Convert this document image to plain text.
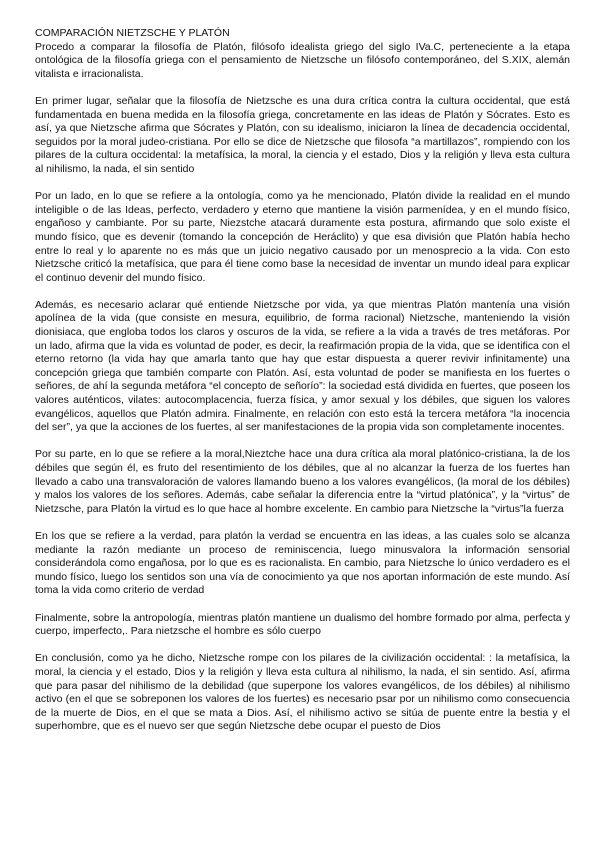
COMPARACIÓN NIETZSCHE Y PLATÓN

Procedo a comparar la filosofía de Platón, filósofo idealista griego del siglo IVa.C, perteneciente a la etapa ontológica de la filosofía griega con el pensamiento de Nietzsche un filósofo contemporáneo, del S.XIX, alemán vitalista e irracionalista.

En primer lugar, señalar que la filosofía de Nietzsche es una dura crítica contra la cultura occidental, que está fundamentada en buena medida en la filosofía griega, concretamente en las ideas de Platón y Sócrates. Esto es así, ya que Nietzsche afirma que Sócrates y Platón, con su idealismo, iniciaron la línea de decadencia occidental, seguidos por la moral judeo-cristiana. Por ello se dice de Nietzsche que filosofa “a martillazos”, rompiendo con los pilares de la cultura occidental: la metafísica, la moral, la ciencia y el estado, Dios y la religión y lleva esta cultura al nihilismo, la nada, el sin sentido

Por un lado, en lo que se refiere a la ontología, como ya he mencionado, Platón divide la realidad en el mundo inteligible o de las Ideas, perfecto, verdadero y eterno que mantiene la visión parmenídea, y en el mundo físico, engañoso y cambiante. Por su parte, Niezstche atacará duramente esta postura, afirmando que solo existe el mundo físico, que es devenir (tomando la concepción de Heráclito) y que esa división que Platón había hecho entre lo real y lo aparente no es más que un juicio negativo causado por un menosprecio a la vida. Con esto Nietzsche criticó la metafísica, que para él tiene como base la necesidad de inventar un mundo ideal para explicar el continuo devenir del mundo físico.

Además, es necesario aclarar qué entiende Nietzsche por vida, ya que mientras Platón mantenía una visión apolínea de la vida (que consiste en mesura, equilibrio, de forma racional) Nietzsche, manteniendo la visión dionisiaca, que engloba todos los claros y oscuros de la vida, se refiere a la vida a través de tres metáforas. Por un lado, afirma que la vida es voluntad de poder, es decir, la reafirmación propia de la vida, que se identifica con el eterno retorno (la vida hay que amarla tanto que hay que estar dispuesta a querer revivir infinitamente) una concepción griega que también comparte con Platón. Así, esta voluntad de poder se manifiesta en los fuertes o señores, de ahí la segunda metáfora “el concepto de señorío”: la sociedad está dividida en fuertes, que poseen los valores auténticos, vilates: autocomplacencia, fuerza física, y amor sexual y los débiles, que siguen los valores evangélicos, aquellos que Platón admira. Finalmente, en relación con esto está la tercera metáfora “la inocencia del ser”, ya que la acciones de los fuertes, al ser manifestaciones de la propia vida son completamente inocentes.

Por su parte, en lo que se refiere a la moral,Nieztche hace una dura crítica ala moral platónico-cristiana, la de los débiles que según él, es fruto del resentimiento de los débiles, que al no alcanzar la fuerza de los fuertes han llevado a cabo una transvaloración de valores llamando bueno a los valores evangélicos, (la moral de los débiles) y malos los valores de los señores. Además, cabe señalar la diferencia entre la “virtud platónica”, y la “virtus” de Nietzsche, para Platón la virtud es lo que hace al hombre excelente. En cambio para Nietzsche la “virtus”la fuerza

En los que se refiere a la verdad, para platón la verdad se encuentra en las ideas, a las cuales solo se alcanza mediante la razón mediante un proceso de reminiscencia, luego minusvalora la información sensorial considerándola como engañosa, por lo que es es racionalista. En cambio, para Nietzsche lo único verdadero es el mundo físico, luego los sentidos son una vía de conocimiento ya que nos aportan información de este mundo. Así toma la vida como criterio de verdad

Finalmente, sobre la antropología, mientras platón mantiene un dualismo del hombre formado por alma, perfecta y cuerpo, imperfecto,. Para nietzsche el hombre es sólo cuerpo

En conclusión, como ya he dicho, Nietzsche rompe con los pilares de la civilización occidental: : la metafísica, la moral, la ciencia y el estado, Dios y la religión y lleva esta cultura al nihilismo, la nada, el sin sentido. Así, afirma que para pasar del nihilismo de la debilidad (que superpone los valores evangélicos, de los débiles) al nihilismo activo (en el que se sobreponen los valores de los fuertes) es necesario psar por un nihilismo como consecuencia de la muerte de Dios, en el que se mata a Dios. Así, el nihilismo activo se sitúa de puente entre la bestia y el superhombre, que es el nuevo ser que según Nietzsche debe ocupar el puesto de Dios
